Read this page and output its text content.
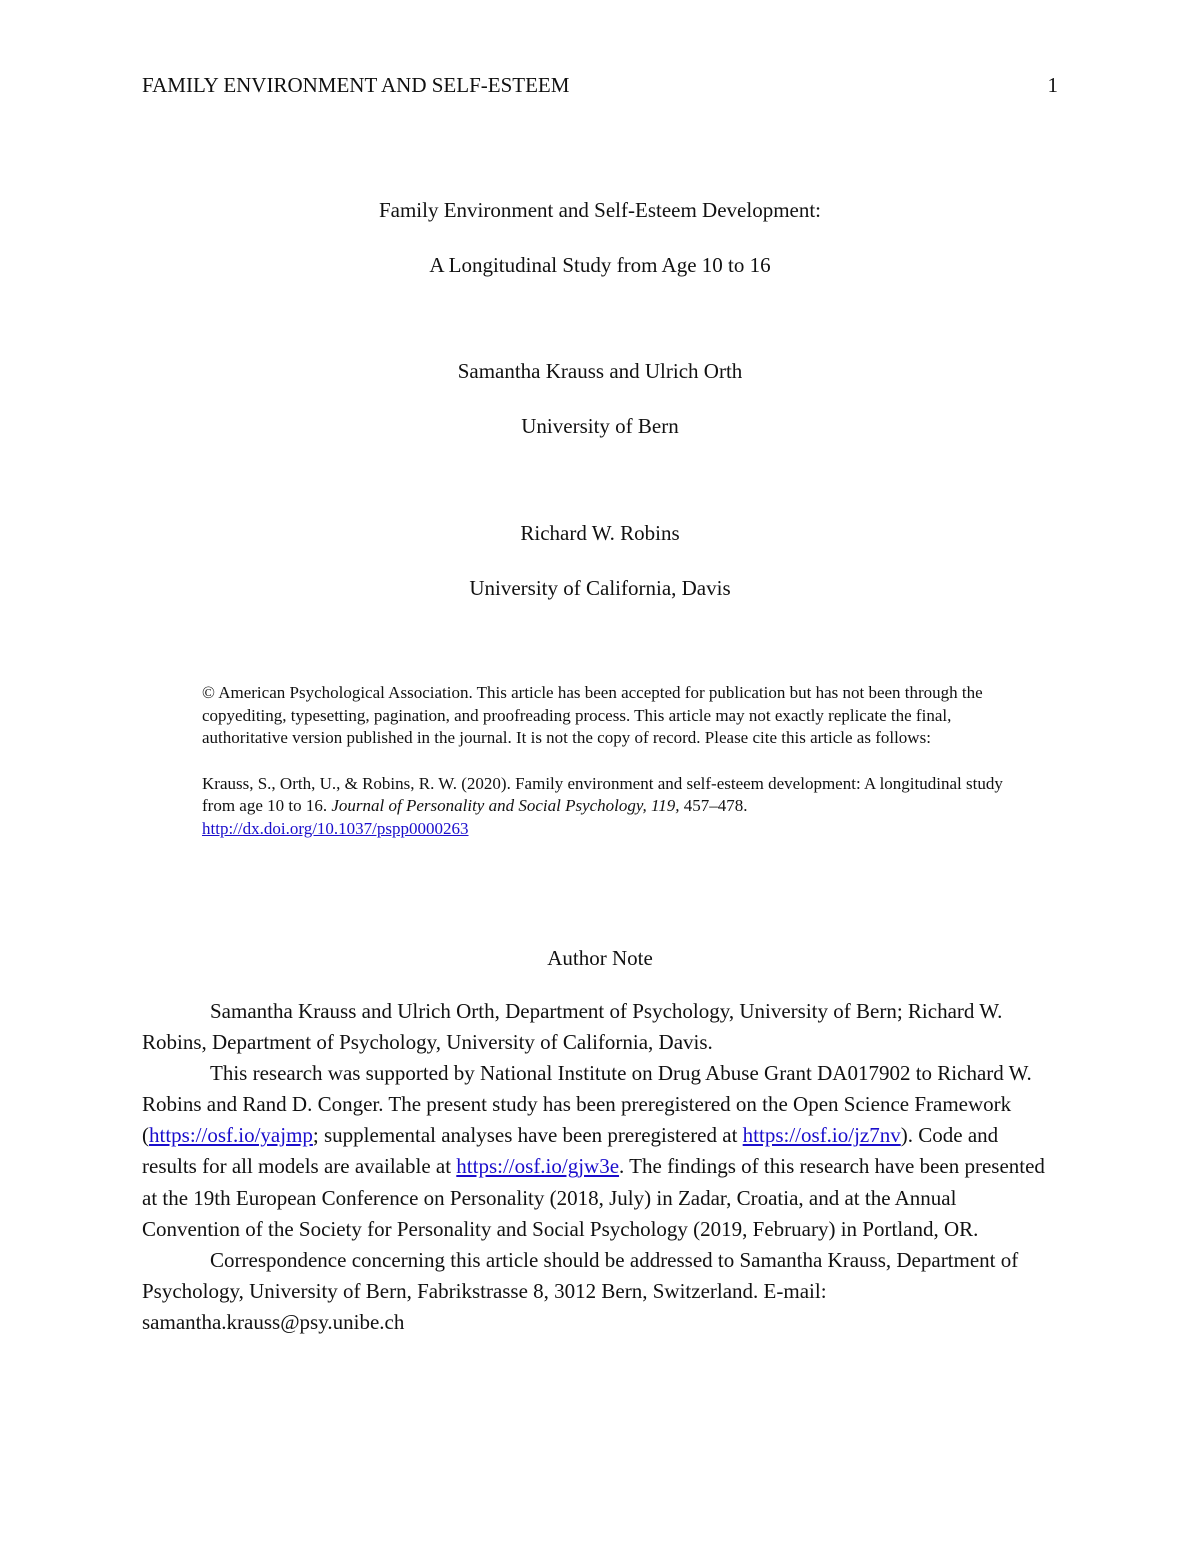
FAMILY ENVIRONMENT AND SELF-ESTEEM	1
Family Environment and Self-Esteem Development:
A Longitudinal Study from Age 10 to 16
Samantha Krauss and Ulrich Orth
University of Bern
Richard W. Robins
University of California, Davis

© American Psychological Association. This article has been accepted for publication but has not been through the copyediting, typesetting, pagination, and proofreading process. This article may not exactly replicate the final, authoritative version published in the journal. It is not the copy of record. Please cite this article as follows:

Krauss, S., Orth, U., & Robins, R. W. (2020). Family environment and self-esteem development: A longitudinal study from age 10 to 16. Journal of Personality and Social Psychology, 119, 457–478.
http://dx.doi.org/10.1037/pspp0000263

Author Note

Samantha Krauss and Ulrich Orth, Department of Psychology, University of Bern; Richard W. Robins, Department of Psychology, University of California, Davis.

This research was supported by National Institute on Drug Abuse Grant DA017902 to Richard W. Robins and Rand D. Conger. The present study has been preregistered on the Open Science Framework (https://osf.io/yajmp; supplemental analyses have been preregistered at https://osf.io/jz7nv). Code and results for all models are available at https://osf.io/gjw3e. The findings of this research have been presented at the 19th European Conference on Personality (2018, July) in Zadar, Croatia, and at the Annual Convention of the Society for Personality and Social Psychology (2019, February) in Portland, OR.

Correspondence concerning this article should be addressed to Samantha Krauss, Department of Psychology, University of Bern, Fabrikstrasse 8, 3012 Bern, Switzerland. E-mail: samantha.krauss@psy.unibe.ch
